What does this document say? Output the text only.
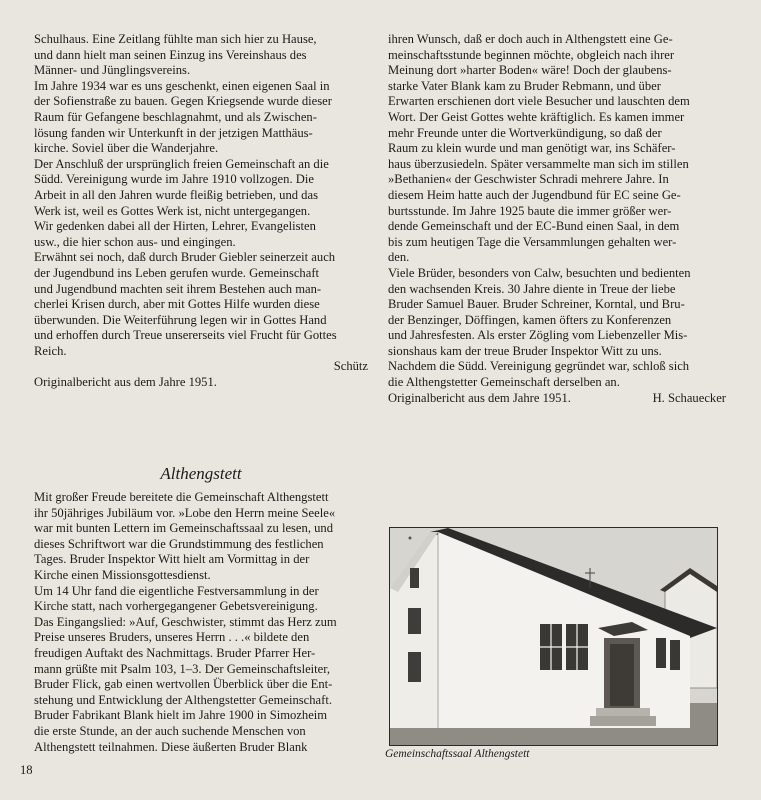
Schulhaus. Eine Zeitlang fühlte man sich hier zu Hause,

und dann hielt man seinen Einzug ins Vereinshaus des

Männer- und Jünglingsvereins.

Im Jahre 1934 war es uns geschenkt, einen eigenen Saal in

der Sofienstraße zu bauen. Gegen Kriegsende wurde dieser

Raum für Gefangene beschlagnahmt, und als Zwischen-

lösung fanden wir Unterkunft in der jetzigen Matthäus-

kirche. Soviel über die Wanderjahre.

Der Anschluß der ursprünglich freien Gemeinschaft an die

Südd. Vereinigung wurde im Jahre 1910 vollzogen. Die

Arbeit in all den Jahren wurde fleißig betrieben, und das

Werk ist, weil es Gottes Werk ist, nicht untergegangen.

Wir gedenken dabei all der Hirten, Lehrer, Evangelisten

usw., die hier schon aus- und eingingen.

Erwähnt sei noch, daß durch Bruder Giebler seinerzeit auch

der Jugendbund ins Leben gerufen wurde. Gemeinschaft

und Jugendbund machten seit ihrem Bestehen auch man-

cherlei Krisen durch, aber mit Gottes Hilfe wurden diese

überwunden. Die Weiterführung legen wir in Gottes Hand

und erhoffen durch Treue unsererseits viel Frucht für Gottes

Reich.

Schütz

Originalbericht aus dem Jahre 1951.

ihren Wunsch, daß er doch auch in Althengstett eine Ge-

meinschaftsstunde beginnen möchte, obgleich nach ihrer

Meinung dort »harter Boden« wäre! Doch der glaubens-

starke Vater Blank kam zu Bruder Rebmann, und über

Erwarten erschienen dort viele Besucher und lauschten dem

Wort. Der Geist Gottes wehte kräftiglich. Es kamen immer

mehr Freunde unter die Wortverkündigung, so daß der

Raum zu klein wurde und man genötigt war, ins Schäfer-

haus überzusiedeln. Später versammelte man sich im stillen

»Bethanien« der Geschwister Schradi mehrere Jahre. In

diesem Heim hatte auch der Jugendbund für EC seine Ge-

burtsstunde. Im Jahre 1925 baute die immer größer wer-

dende Gemeinschaft und der EC-Bund einen Saal, in dem

bis zum heutigen Tage die Versammlungen gehalten wer-

den.

Viele Brüder, besonders von Calw, besuchten und bedienten

den wachsenden Kreis. 30 Jahre diente in Treue der liebe

Bruder Samuel Bauer. Bruder Schreiner, Korntal, und Bru-

der Benzinger, Döffingen, kamen öfters zu Konferenzen

und Jahresfesten. Als erster Zögling vom Liebenzeller Mis-

sionshaus kam der treue Bruder Inspektor Witt zu uns.

Nachdem die Südd. Vereinigung gegründet war, schloß sich

die Althengstetter Gemeinschaft derselben an.

Originalbericht aus dem Jahre 1951.	H. Schauecker

Althengstett

Mit großer Freude bereitete die Gemeinschaft Althengstett

ihr 50jähriges Jubiläum vor. »Lobe den Herrn meine Seele«

war mit bunten Lettern im Gemeinschaftssaal zu lesen, und

dieses Schriftwort war die Grundstimmung des festlichen

Tages. Bruder Inspektor Witt hielt am Vormittag in der

Kirche einen Missionsgottesdienst.

Um 14 Uhr fand die eigentliche Festversammlung in der

Kirche statt, nach vorhergegangener Gebetsvereinigung.

Das Eingangslied: »Auf, Geschwister, stimmt das Herz zum

Preise unseres Bruders, unseres Herrn . . .« bildete den

freudigen Auftakt des Nachmittags. Bruder Pfarrer Her-

mann grüßte mit Psalm 103, 1–3. Der Gemeinschaftsleiter,

Bruder Flick, gab einen wertvollen Überblick über die Ent-

stehung und Entwicklung der Althengstetter Gemeinschaft.

Bruder Fabrikant Blank hielt im Jahre 1900 in Simozheim

die erste Stunde, an der auch suchende Menschen von

Althengstett teilnahmen. Diese äußerten Bruder Blank

Gemeinschaftssaal Althengstett
18
